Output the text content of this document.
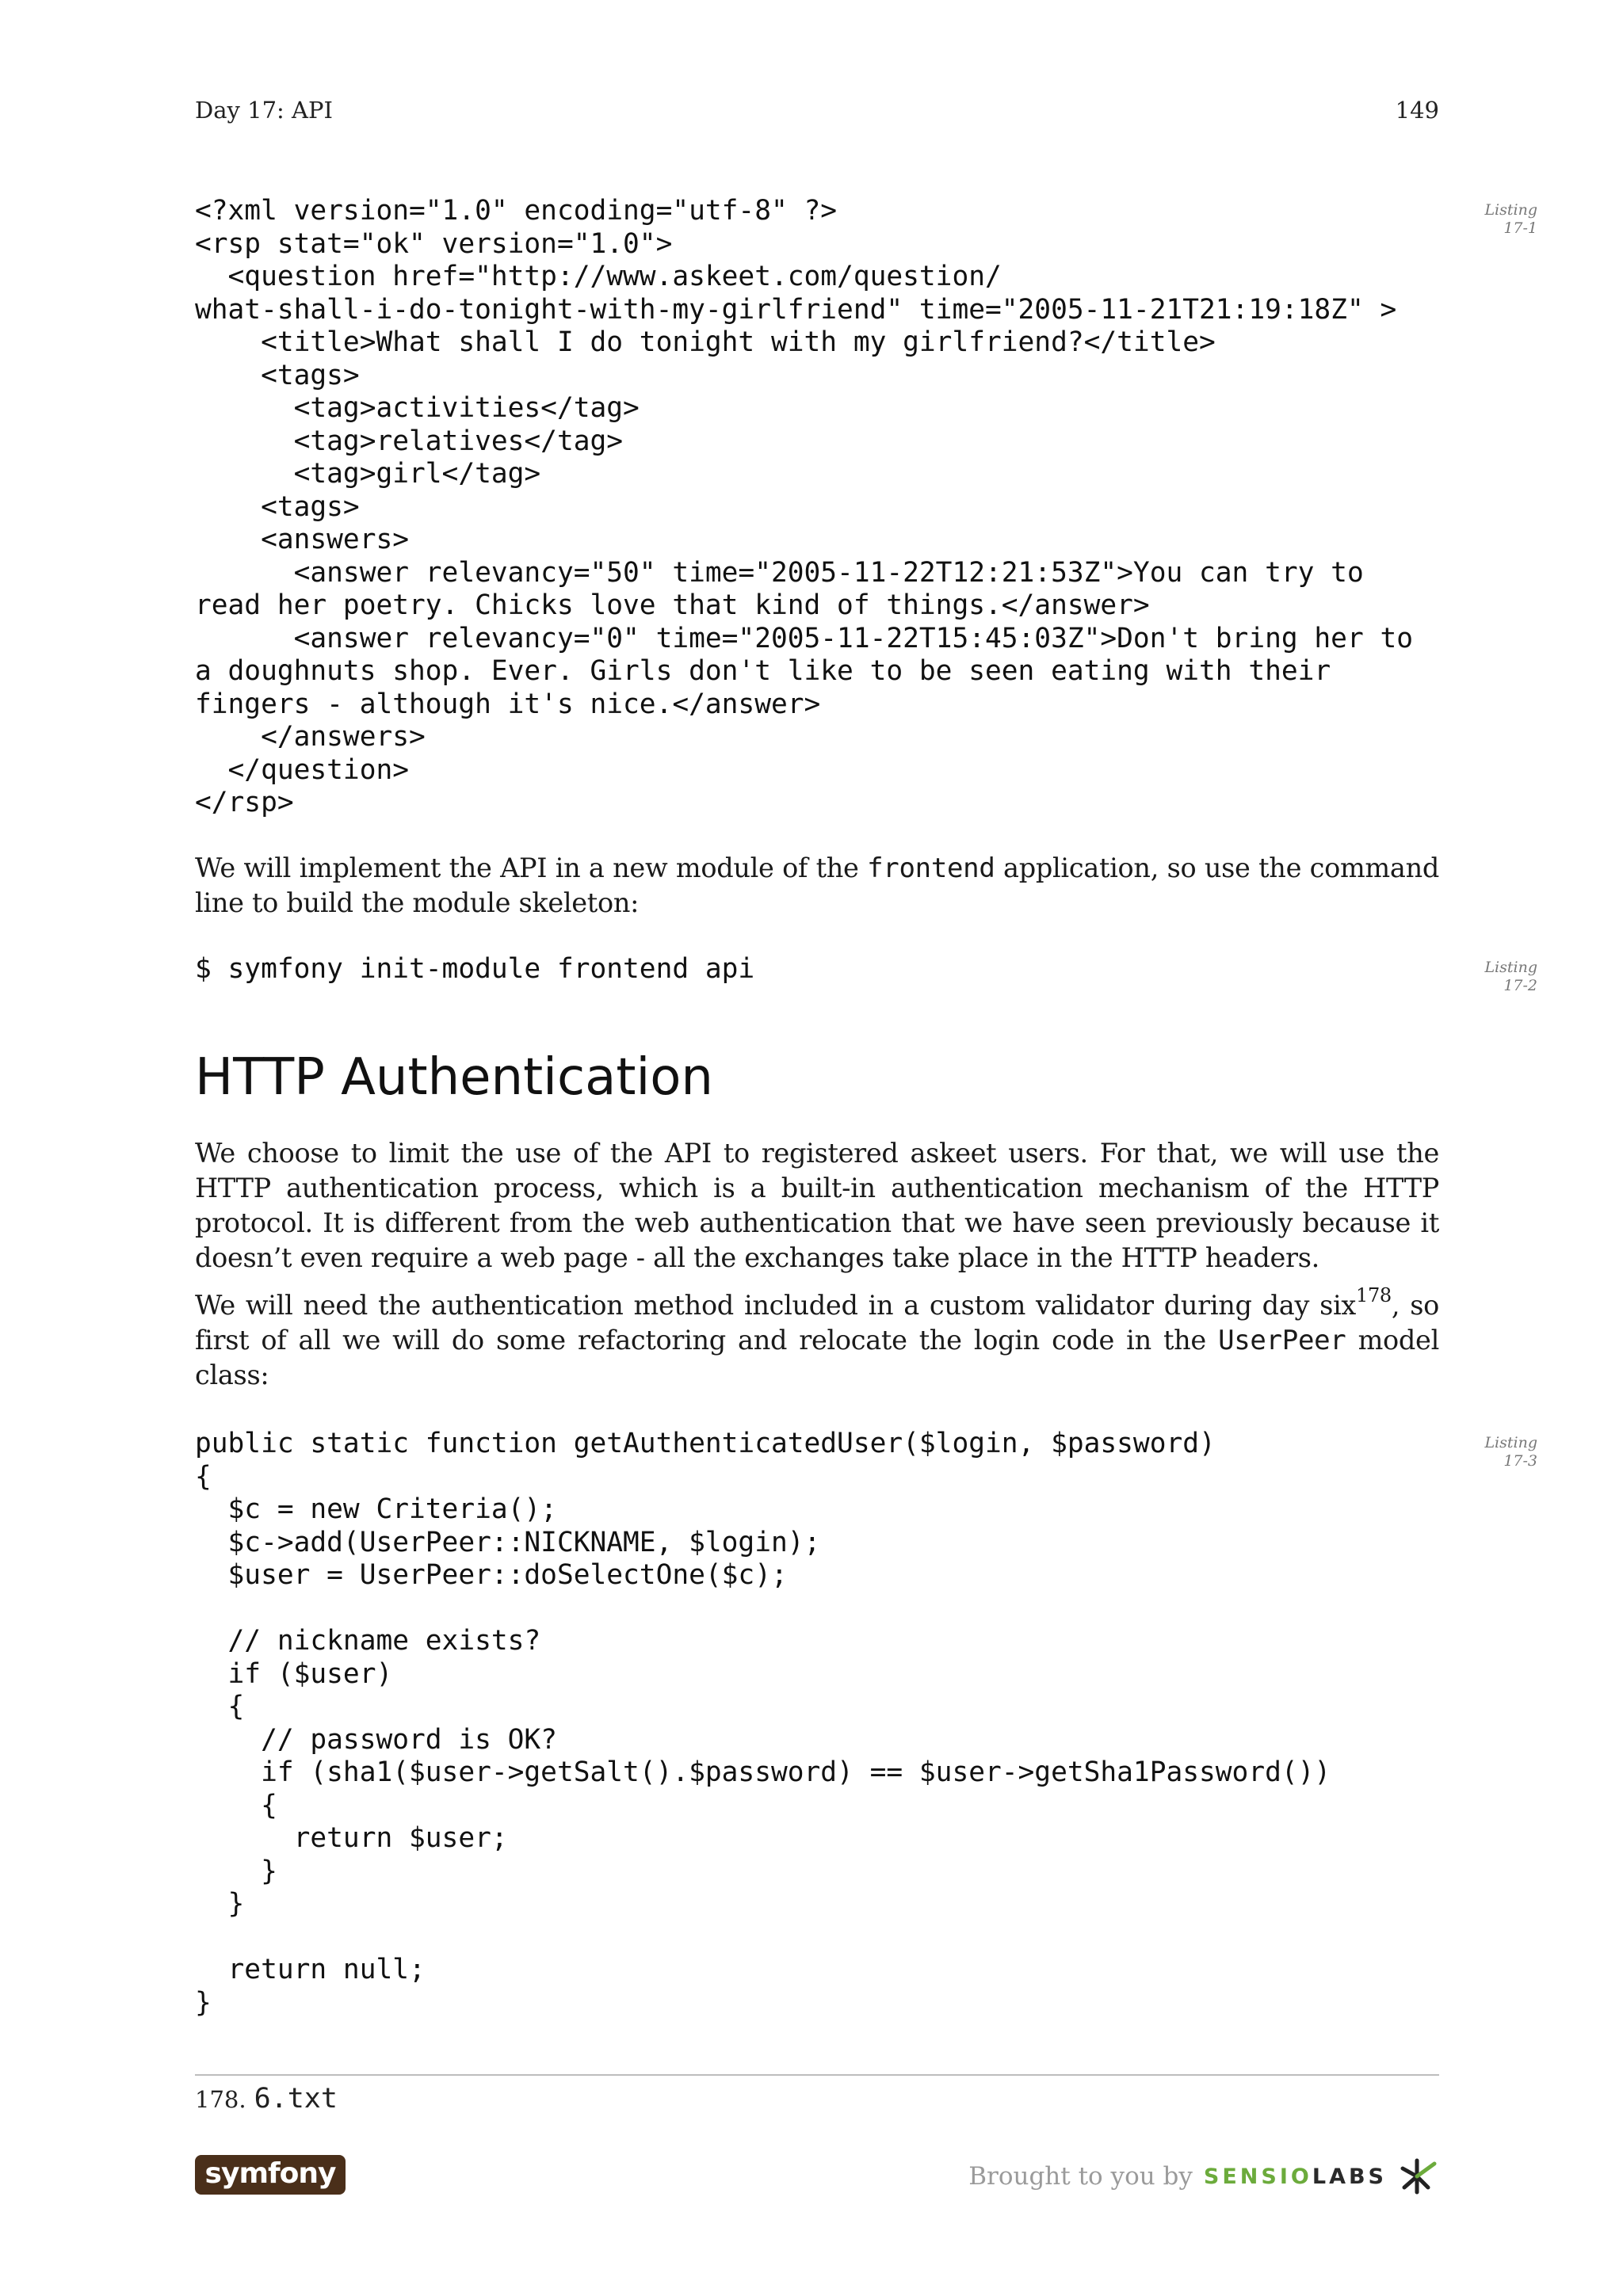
Day 17: API	149
<?xml version="1.0" encoding="utf-8" ?>
<rsp stat="ok" version="1.0">
<question href="http://www.askeet.com/question/
what-shall-i-do-tonight-with-my-girlfriend" time="2005-11-21T21:19:18Z" >
<title>What shall I do tonight with my girlfriend?</title>
<tags>
<tag>activities</tag>
<tag>relatives</tag>
<tag>girl</tag>
<tags>
<answers>
<answer relevancy="50" time="2005-11-22T12:21:53Z">You can try to
read her poetry. Chicks love that kind of things.</answer>
<answer relevancy="0" time="2005-11-22T15:45:03Z">Don't bring her to
a doughnuts shop. Ever. Girls don't like to be seen eating with their
fingers - although it's nice.</answer>
</answers>
</question>
</rsp>
Listing
17-1

We will implement the API in a new module of the frontend application, so use the command line to build the module skeleton:

$ symfony init-module frontend api	Listing
17-2
HTTP Authentication

We choose to limit the use of the API to registered askeet users. For that, we will use the HTTP authentication process, which is a built-in authentication mechanism of the HTTP protocol. It is different from the web authentication that we have seen previously because it doesn’t even require a web page - all the exchanges take place in the HTTP headers.

We will need the authentication method included in a custom validator during day six$^{178}$, so first of all we will do some refactoring and relocate the login code in the UserPeer model class:

public static function getAuthenticatedUser($login, $password)
{
$c = new Criteria();
$c->add(UserPeer::NICKNAME, $login);
$user = UserPeer::doSelectOne($c);

// nickname exists?
if ($user)
{
// password is OK?
if (sha1($user->getSalt().$password) == $user->getSha1Password())
{
return $user;
}
}

return null;
}
Listing
17-3
178. 6.txt
symfony	Brought to you by SENSIO LABS
